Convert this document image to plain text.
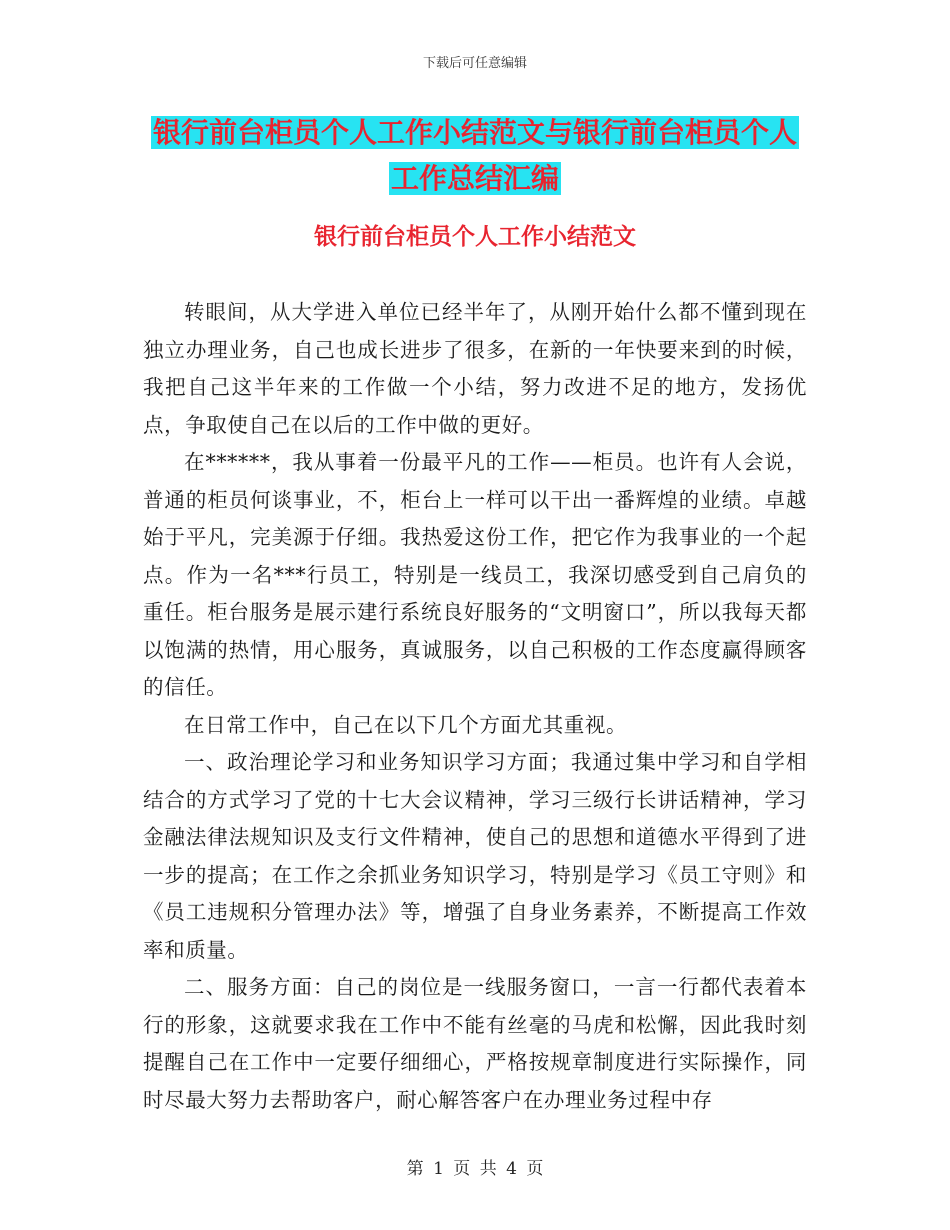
下载后可任意编辑
银行前台柜员个人工作小结范文与银行前台柜员个人
工作总结汇编
银行前台柜员个人工作小结范文

转眼间，从大学进入单位已经半年了，从刚开始什么都不懂到现在独立办理业务，自己也成长进步了很多，在新的一年快要来到的时候，我把自己这半年来的工作做一个小结，努力改进不足的地方，发扬优点，争取使自己在以后的工作中做的更好。

在******，我从事着一份最平凡的工作——柜员。也许有人会说，普通的柜员何谈事业，不，柜台上一样可以干出一番辉煌的业绩。卓越始于平凡，完美源于仔细。我热爱这份工作，把它作为我事业的一个起点。作为一名***行员工，特别是一线员工，我深切感受到自己肩负的重任。柜台服务是展示建行系统良好服务的“文明窗口”，所以我每天都以饱满的热情，用心服务，真诚服务，以自己积极的工作态度赢得顾客的信任。

在日常工作中，自己在以下几个方面尤其重视。

一、政治理论学习和业务知识学习方面；我通过集中学习和自学相结合的方式学习了党的十七大会议精神，学习三级行长讲话精神，学习金融法律法规知识及支行文件精神，使自己的思想和道德水平得到了进一步的提高；在工作之余抓业务知识学习，特别是学习《员工守则》和《员工违规积分管理办法》等，增强了自身业务素养，不断提高工作效率和质量。

二、服务方面：自己的岗位是一线服务窗口，一言一行都代表着本行的形象，这就要求我在工作中不能有丝毫的马虎和松懈，因此我时刻提醒自己在工作中一定要仔细细心，严格按规章制度进行实际操作，同时尽最大努力去帮助客户，耐心解答客户在办理业务过程中存

第 1 页 共 4 页
